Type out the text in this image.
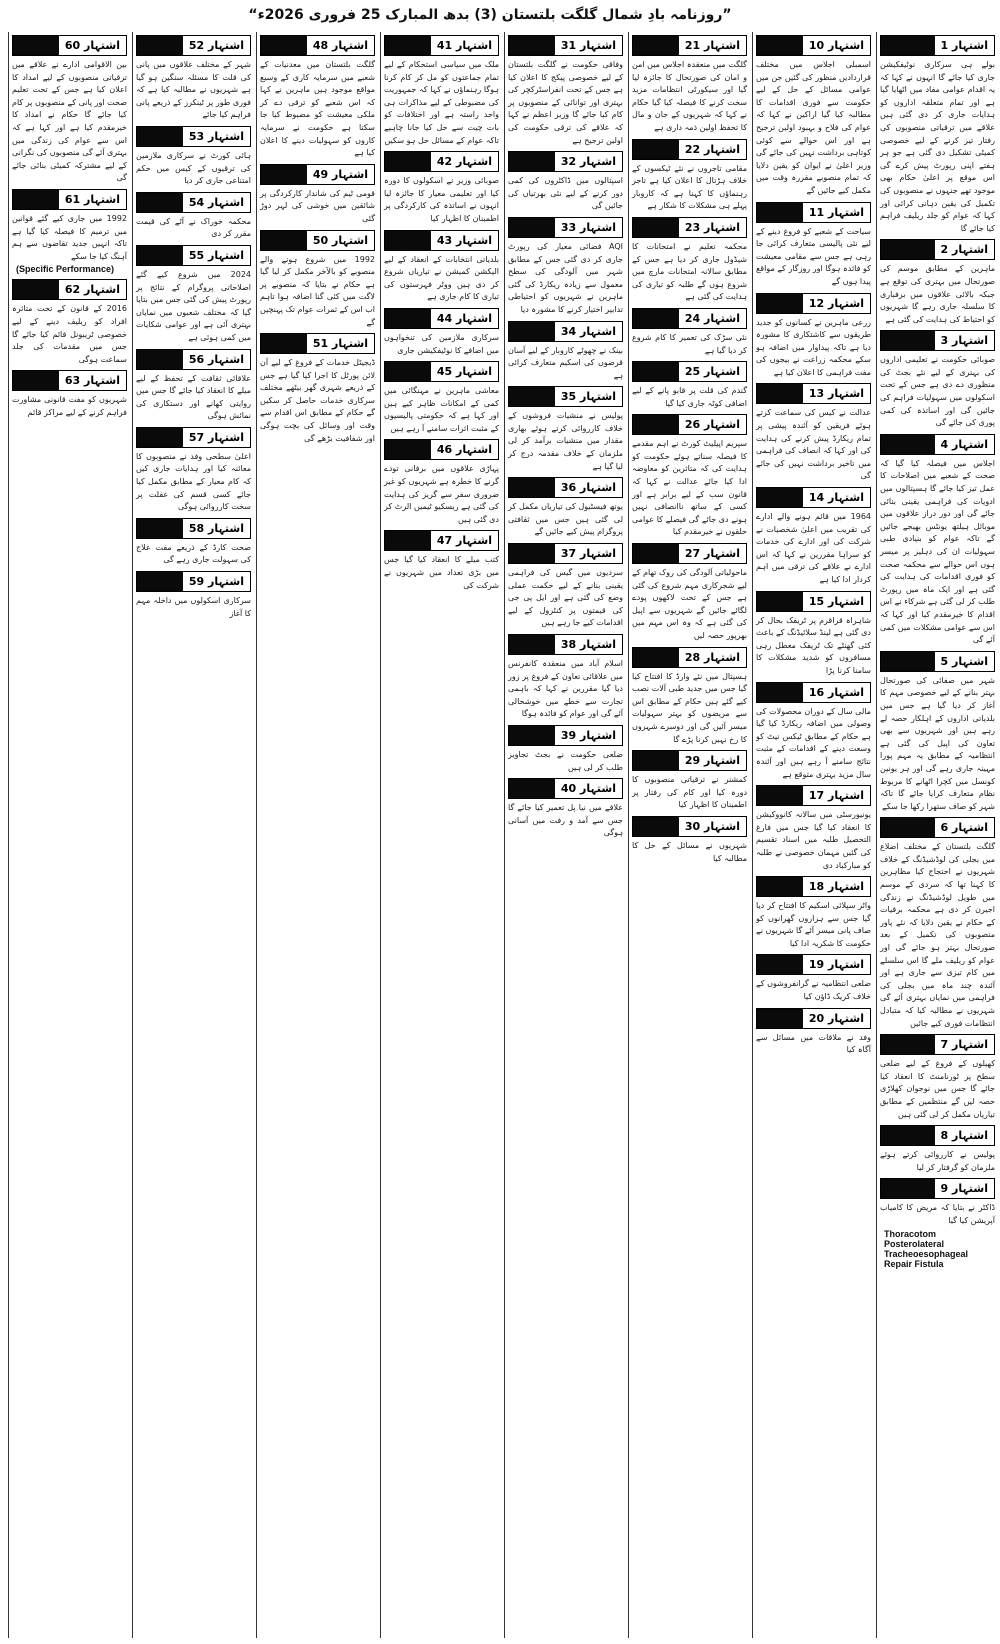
”روزنامہ بادِ شمال گلگت بلتستان (3) بدھ المبارک 25 فروری 2026ء“
اشتہار 1
بولے ہی سرکاری نوٹیفکیشن جاری کیا جائے گا انہوں نے کہا کہ یہ اقدام عوامی مفاد میں اٹھایا گیا ہے اور تمام متعلقہ اداروں کو ہدایات جاری کر دی گئی ہیں علاقے میں ترقیاتی منصوبوں کی رفتار تیز کرنے کے لیے خصوصی کمیٹی تشکیل دی گئی ہے جو ہر ہفتے اپنی رپورٹ پیش کرے گی اس موقع پر اعلیٰ حکام بھی موجود تھے جنہوں نے منصوبوں کی تکمیل کی یقین دہانی کرائی اور کہا کہ عوام کو جلد ریلیف فراہم کیا جائے گا
اشتہار 2
ماہرین کے مطابق موسم کی صورتحال میں بہتری کی توقع ہے جبکہ بالائی علاقوں میں برفباری کا سلسلہ جاری رہے گا شہریوں کو احتیاط کی ہدایت کی گئی ہے
اشتہار 3
صوبائی حکومت نے تعلیمی اداروں کی بہتری کے لیے نئے بجٹ کی منظوری دے دی ہے جس کے تحت اسکولوں میں سہولیات فراہم کی جائیں گی اور اساتذہ کی کمی پوری کی جائے گی
اشتہار 4
اجلاس میں فیصلہ کیا گیا کہ صحت کے شعبے میں اصلاحات کا عمل تیز کیا جائے گا ہسپتالوں میں ادویات کی فراہمی یقینی بنائی جائے گی اور دور دراز علاقوں میں موبائل ہیلتھ یونٹس بھیجے جائیں گے تاکہ عوام کو بنیادی طبی سہولیات ان کی دہلیز پر میسر ہوں اس حوالے سے محکمہ صحت کو فوری اقدامات کی ہدایت کی گئی ہے اور ایک ماہ میں رپورٹ طلب کر لی گئی ہے شرکاء نے اس اقدام کا خیرمقدم کیا اور کہا کہ اس سے عوامی مشکلات میں کمی آئے گی
اشتہار 5
شہر میں صفائی کی صورتحال بہتر بنانے کے لیے خصوصی مہم کا آغاز کر دیا گیا ہے جس میں بلدیاتی اداروں کے اہلکار حصہ لے رہے ہیں اور شہریوں سے بھی تعاون کی اپیل کی گئی ہے انتظامیہ کے مطابق یہ مہم پورا مہینہ جاری رہے گی اور ہر یونین کونسل میں کچرا اٹھانے کا مربوط نظام متعارف کرایا جائے گا تاکہ شہر کو صاف ستھرا رکھا جا سکے
اشتہار 6
گلگت بلتستان کے مختلف اضلاع میں بجلی کی لوڈشیڈنگ کے خلاف شہریوں نے احتجاج کیا مظاہرین کا کہنا تھا کہ سردی کے موسم میں طویل لوڈشیڈنگ نے زندگی اجیرن کر دی ہے محکمہ برقیات کے حکام نے یقین دلایا کہ نئے پاور منصوبوں کی تکمیل کے بعد صورتحال بہتر ہو جائے گی اور عوام کو ریلیف ملے گا اس سلسلے میں کام تیزی سے جاری ہے اور آئندہ چند ماہ میں بجلی کی فراہمی میں نمایاں بہتری آئے گی شہریوں نے مطالبہ کیا کہ متبادل انتظامات فوری کیے جائیں
اشتہار 7
کھیلوں کے فروغ کے لیے ضلعی سطح پر ٹورنامنٹ کا انعقاد کیا جائے گا جس میں نوجوان کھلاڑی حصہ لیں گے منتظمین کے مطابق تیاریاں مکمل کر لی گئی ہیں
اشتہار 8
پولیس نے کارروائی کرتے ہوئے ملزمان کو گرفتار کر لیا
اشتہار 9
ڈاکٹر نے بتایا کہ مریض کا کامیاب آپریشن کیا گیا
Thoracotom Posterolateral Tracheoesophageal Repair Fistula
اشتہار 10
اسمبلی اجلاس میں مختلف قراردادیں منظور کی گئیں جن میں عوامی مسائل کے حل کے لیے حکومت سے فوری اقدامات کا مطالبہ کیا گیا اراکین نے کہا کہ عوام کی فلاح و بہبود اولین ترجیح ہے اور اس حوالے سے کوئی کوتاہی برداشت نہیں کی جائے گی وزیر اعلیٰ نے ایوان کو یقین دلایا کہ تمام منصوبے مقررہ وقت میں مکمل کیے جائیں گے
اشتہار 11
سیاحت کے شعبے کو فروغ دینے کے لیے نئی پالیسی متعارف کرائی جا رہی ہے جس سے مقامی معیشت کو فائدہ ہوگا اور روزگار کے مواقع پیدا ہوں گے
اشتہار 12
زرعی ماہرین نے کسانوں کو جدید طریقوں سے کاشتکاری کا مشورہ دیا ہے تاکہ پیداوار میں اضافہ ہو سکے محکمہ زراعت نے بیجوں کی مفت فراہمی کا اعلان کیا ہے
اشتہار 13
عدالت نے کیس کی سماعت کرتے ہوئے فریقین کو آئندہ پیشی پر تمام ریکارڈ پیش کرنے کی ہدایت کی اور کہا کہ انصاف کی فراہمی میں تاخیر برداشت نہیں کی جائے گی
اشتہار 14
1964 میں قائم ہونے والے ادارے کی تقریب میں اعلیٰ شخصیات نے شرکت کی اور ادارے کی خدمات کو سراہا مقررین نے کہا کہ اس ادارے نے علاقے کی ترقی میں اہم کردار ادا کیا ہے
اشتہار 15
شاہراہ قراقرم پر ٹریفک بحال کر دی گئی ہے لینڈ سلائیڈنگ کے باعث کئی گھنٹے تک ٹریفک معطل رہی مسافروں کو شدید مشکلات کا سامنا کرنا پڑا
اشتہار 16
مالی سال کے دوران محصولات کی وصولی میں اضافہ ریکارڈ کیا گیا ہے حکام کے مطابق ٹیکس نیٹ کو وسعت دینے کے اقدامات کے مثبت نتائج سامنے آ رہے ہیں اور آئندہ سال مزید بہتری متوقع ہے
اشتہار 17
یونیورسٹی میں سالانہ کانووکیشن کا انعقاد کیا گیا جس میں فارغ التحصیل طلبہ میں اسناد تقسیم کی گئیں مہمان خصوصی نے طلبہ کو مبارکباد دی
اشتہار 18
واٹر سپلائی اسکیم کا افتتاح کر دیا گیا جس سے ہزاروں گھرانوں کو صاف پانی میسر آئے گا شہریوں نے حکومت کا شکریہ ادا کیا
اشتہار 19
ضلعی انتظامیہ نے گرانفروشوں کے خلاف کریک ڈاؤن کیا
اشتہار 20
وفد نے ملاقات میں مسائل سے آگاہ کیا
اشتہار 21
گلگت میں منعقدہ اجلاس میں امن و امان کی صورتحال کا جائزہ لیا گیا اور سیکورٹی انتظامات مزید سخت کرنے کا فیصلہ کیا گیا حکام نے کہا کہ شہریوں کے جان و مال کا تحفظ اولین ذمہ داری ہے
اشتہار 22
مقامی تاجروں نے نئے ٹیکسوں کے خلاف ہڑتال کا اعلان کیا ہے تاجر رہنماؤں کا کہنا ہے کہ کاروبار پہلے ہی مشکلات کا شکار ہے
اشتہار 23
محکمہ تعلیم نے امتحانات کا شیڈول جاری کر دیا ہے جس کے مطابق سالانہ امتحانات مارچ میں شروع ہوں گے طلبہ کو تیاری کی ہدایت کی گئی ہے
اشتہار 24
نئی سڑک کی تعمیر کا کام شروع کر دیا گیا ہے
اشتہار 25
گندم کی قلت پر قابو پانے کے لیے اضافی کوٹہ جاری کیا گیا
اشتہار 26
سپریم اپیلیٹ کورٹ نے اہم مقدمے کا فیصلہ سناتے ہوئے حکومت کو ہدایت کی کہ متاثرین کو معاوضہ ادا کیا جائے عدالت نے کہا کہ قانون سب کے لیے برابر ہے اور کسی کے ساتھ ناانصافی نہیں ہونے دی جائے گی فیصلے کا عوامی حلقوں نے خیرمقدم کیا
اشتہار 27
ماحولیاتی آلودگی کی روک تھام کے لیے شجرکاری مہم شروع کی گئی ہے جس کے تحت لاکھوں پودے لگائے جائیں گے شہریوں سے اپیل کی گئی ہے کہ وہ اس مہم میں بھرپور حصہ لیں
اشتہار 28
ہسپتال میں نئے وارڈ کا افتتاح کیا گیا جس میں جدید طبی آلات نصب کیے گئے ہیں حکام کے مطابق اس سے مریضوں کو بہتر سہولیات میسر آئیں گی اور دوسرے شہروں کا رخ نہیں کرنا پڑے گا
اشتہار 29
کمشنر نے ترقیاتی منصوبوں کا دورہ کیا اور کام کی رفتار پر اطمینان کا اظہار کیا
اشتہار 30
شہریوں نے مسائل کے حل کا مطالبہ کیا
اشتہار 31
وفاقی حکومت نے گلگت بلتستان کے لیے خصوصی پیکج کا اعلان کیا ہے جس کے تحت انفراسٹرکچر کی بہتری اور توانائی کے منصوبوں پر کام کیا جائے گا وزیر اعظم نے کہا کہ علاقے کی ترقی حکومت کی اولین ترجیح ہے
اشتہار 32
اسپتالوں میں ڈاکٹروں کی کمی دور کرنے کے لیے نئی بھرتیاں کی جائیں گی
اشتہار 33
AQI فضائی معیار کی رپورٹ جاری کر دی گئی جس کے مطابق شہر میں آلودگی کی سطح معمول سے زیادہ ریکارڈ کی گئی ماہرین نے شہریوں کو احتیاطی تدابیر اختیار کرنے کا مشورہ دیا
اشتہار 34
بینک نے چھوٹے کاروبار کے لیے آسان قرضوں کی اسکیم متعارف کرائی ہے
اشتہار 35
پولیس نے منشیات فروشوں کے خلاف کارروائی کرتے ہوئے بھاری مقدار میں منشیات برآمد کر لی ملزمان کے خلاف مقدمہ درج کر لیا گیا ہے
اشتہار 36
یوتھ فیسٹیول کی تیاریاں مکمل کر لی گئی ہیں جس میں ثقافتی پروگرام پیش کیے جائیں گے
اشتہار 37
سردیوں میں گیس کی فراہمی یقینی بنانے کے لیے حکمت عملی وضع کی گئی ہے اور ایل پی جی کی قیمتوں پر کنٹرول کے لیے اقدامات کیے جا رہے ہیں
اشتہار 38
اسلام آباد میں منعقدہ کانفرنس میں علاقائی تعاون کے فروغ پر زور دیا گیا مقررین نے کہا کہ باہمی تجارت سے خطے میں خوشحالی آئے گی اور عوام کو فائدہ ہوگا
اشتہار 39
ضلعی حکومت نے بجٹ تجاویز طلب کر لی ہیں
اشتہار 40
علاقے میں نیا پل تعمیر کیا جائے گا جس سے آمد و رفت میں آسانی ہوگی
اشتہار 41
ملک میں سیاسی استحکام کے لیے تمام جماعتوں کو مل کر کام کرنا ہوگا رہنماؤں نے کہا کہ جمہوریت کی مضبوطی کے لیے مذاکرات ہی واحد راستہ ہے اور اختلافات کو بات چیت سے حل کیا جانا چاہیے تاکہ عوام کے مسائل حل ہو سکیں
اشتہار 42
صوبائی وزیر نے اسکولوں کا دورہ کیا اور تعلیمی معیار کا جائزہ لیا انہوں نے اساتذہ کی کارکردگی پر اطمینان کا اظہار کیا
اشتہار 43
بلدیاتی انتخابات کے انعقاد کے لیے الیکشن کمیشن نے تیاریاں شروع کر دی ہیں ووٹر فہرستوں کی تیاری کا کام جاری ہے
اشتہار 44
سرکاری ملازمین کی تنخواہوں میں اضافے کا نوٹیفکیشن جاری
اشتہار 45
معاشی ماہرین نے مہنگائی میں کمی کے امکانات ظاہر کیے ہیں اور کہا ہے کہ حکومتی پالیسیوں کے مثبت اثرات سامنے آ رہے ہیں
اشتہار 46
پہاڑی علاقوں میں برفانی تودے گرنے کا خطرہ ہے شہریوں کو غیر ضروری سفر سے گریز کی ہدایت کی گئی ہے ریسکیو ٹیمیں الرٹ کر دی گئی ہیں
اشتہار 47
کتب میلے کا انعقاد کیا گیا جس میں بڑی تعداد میں شہریوں نے شرکت کی
اشتہار 48
گلگت بلتستان میں معدنیات کے شعبے میں سرمایہ کاری کے وسیع مواقع موجود ہیں ماہرین نے کہا کہ اس شعبے کو ترقی دے کر ملکی معیشت کو مضبوط کیا جا سکتا ہے حکومت نے سرمایہ کاروں کو سہولیات دینے کا اعلان کیا ہے
اشتہار 49
قومی ٹیم کی شاندار کارکردگی پر شائقین میں خوشی کی لہر دوڑ گئی
اشتہار 50
1992 میں شروع ہونے والے منصوبے کو بالآخر مکمل کر لیا گیا ہے حکام نے بتایا کہ منصوبے پر لاگت میں کئی گنا اضافہ ہوا تاہم اب اس کے ثمرات عوام تک پہنچیں گے
اشتہار 51
ڈیجیٹل خدمات کے فروغ کے لیے آن لائن پورٹل کا اجرا کیا گیا ہے جس کے ذریعے شہری گھر بیٹھے مختلف سرکاری خدمات حاصل کر سکیں گے حکام کے مطابق اس اقدام سے وقت اور وسائل کی بچت ہوگی اور شفافیت بڑھے گی
اشتہار 52
شہر کے مختلف علاقوں میں پانی کی قلت کا مسئلہ سنگین ہو گیا ہے شہریوں نے مطالبہ کیا ہے کہ فوری طور پر ٹینکرز کے ذریعے پانی فراہم کیا جائے
اشتہار 53
ہائی کورٹ نے سرکاری ملازمین کی ترقیوں کے کیس میں حکم امتناعی جاری کر دیا
اشتہار 54
محکمہ خوراک نے آٹے کی قیمت مقرر کر دی
اشتہار 55
2024 میں شروع کیے گئے اصلاحاتی پروگرام کے نتائج پر رپورٹ پیش کی گئی جس میں بتایا گیا کہ مختلف شعبوں میں نمایاں بہتری آئی ہے اور عوامی شکایات میں کمی ہوئی ہے
اشتہار 56
علاقائی ثقافت کے تحفظ کے لیے میلے کا انعقاد کیا جائے گا جس میں روایتی کھانے اور دستکاری کی نمائش ہوگی
اشتہار 57
اعلیٰ سطحی وفد نے منصوبوں کا معائنہ کیا اور ہدایات جاری کیں کہ کام معیار کے مطابق مکمل کیا جائے کسی قسم کی غفلت پر سخت کارروائی ہوگی
اشتہار 58
صحت کارڈ کے ذریعے مفت علاج کی سہولت جاری رہے گی
اشتہار 59
سرکاری اسکولوں میں داخلہ مہم کا آغاز
اشتہار 60
بین الاقوامی ادارے نے علاقے میں ترقیاتی منصوبوں کے لیے امداد کا اعلان کیا ہے جس کے تحت تعلیم صحت اور پانی کے منصوبوں پر کام کیا جائے گا حکام نے امداد کا خیرمقدم کیا ہے اور کہا ہے کہ اس سے عوام کی زندگی میں بہتری آئے گی منصوبوں کی نگرانی کے لیے مشترکہ کمیٹی بنائی جائے گی
اشتہار 61
1992 میں جاری کیے گئے قوانین میں ترمیم کا فیصلہ کیا گیا ہے تاکہ انہیں جدید تقاضوں سے ہم آہنگ کیا جا سکے
(Specific Performance)
اشتہار 62
2016 کے قانون کے تحت متاثرہ افراد کو ریلیف دینے کے لیے خصوصی ٹریبونل قائم کیا جائے گا جس میں مقدمات کی جلد سماعت ہوگی
اشتہار 63
شہریوں کو مفت قانونی مشاورت فراہم کرنے کے لیے مراکز قائم
